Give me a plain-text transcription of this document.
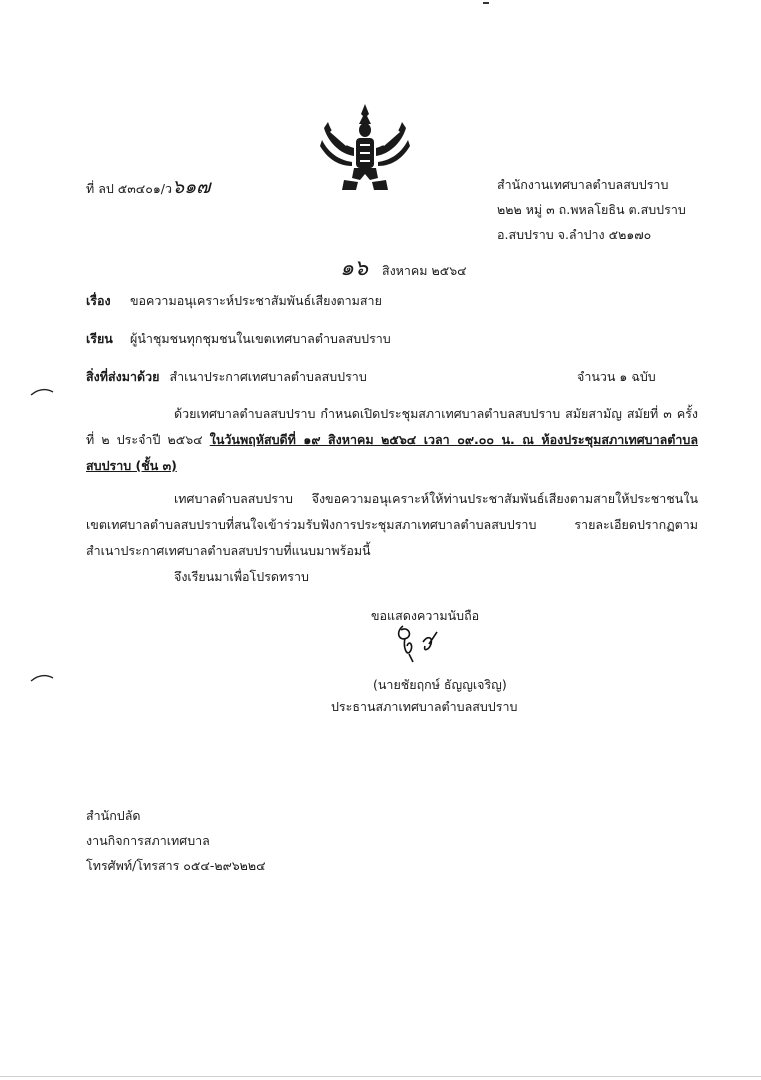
ที่ ลป ๕๓๔๐๑/ว๖๑๗	สำนักงานเทศบาลตำบลสบปราบ
๒๒๒ หมู่ ๓ ถ.พหลโยธิน ต.สบปราบ
อ.สบปราบ จ.ลำปาง ๕๒๑๗๐
๑๖ สิงหาคม ๒๕๖๔
เรื่อง ขอความอนุเคราะห์ประชาสัมพันธ์เสียงตามสาย
เรียน ผู้นำชุมชนทุกชุมชนในเขตเทศบาลตำบลสบปราบ
สิ่งที่ส่งมาด้วย สำเนาประกาศเทศบาลตำบลสบปราบ	จำนวน ๑ ฉบับ
ด้วยเทศบาลตำบลสบปราบ กำหนดเปิดประชุมสภาเทศบาลตำบลสบปราบ สมัยสามัญ สมัยที่ ๓ ครั้งที่ ๒ ประจำปี ๒๕๖๔ ในวันพฤหัสบดีที่ ๑๙ สิงหาคม ๒๕๖๔ เวลา ๐๙.๐๐ น. ณ ห้องประชุมสภาเทศบาลตำบลสบปราบ (ชั้น ๓)
เทศบาลตำบลสบปราบ จึงขอความอนุเคราะห์ให้ท่านประชาสัมพันธ์เสียงตามสายให้ประชาชนในเขตเทศบาลตำบลสบปราบที่สนใจเข้าร่วมรับฟังการประชุมสภาเทศบาลตำบลสบปราบ รายละเอียดปรากฏตามสำเนาประกาศเทศบาลตำบลสบปราบที่แนบมาพร้อมนี้
จึงเรียนมาเพื่อโปรดทราบ
ขอแสดงความนับถือ
(นายชัยฤกษ์ ธัญญเจริญ)
ประธานสภาเทศบาลตำบลสบปราบ
สำนักปลัด
งานกิจการสภาเทศบาล
โทรศัพท์/โทรสาร ๐๕๔-๒๙๖๒๒๔
